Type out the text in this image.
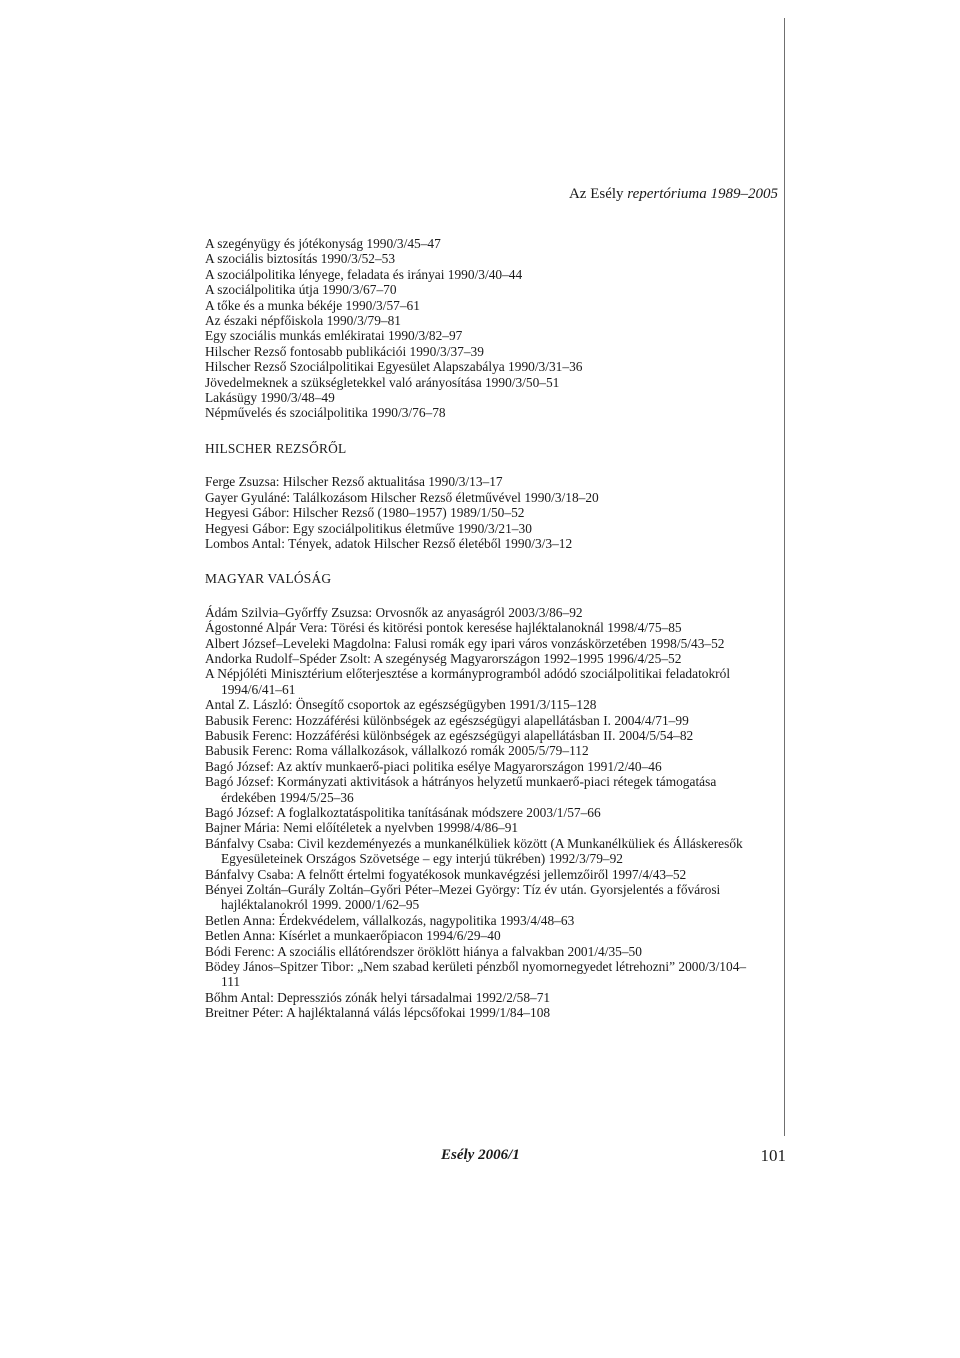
Az Esély repertóriuma 1989–2005

A szegényügy és jótékonyság 1990/3/45–47

A szociális biztosítás 1990/3/52–53

A szociálpolitika lényege, feladata és irányai 1990/3/40–44

A szociálpolitika útja 1990/3/67–70

A tőke és a munka békéje 1990/3/57–61

Az északi népfőiskola 1990/3/79–81

Egy szociális munkás emlékiratai 1990/3/82–97

Hilscher Rezső fontosabb publikációi 1990/3/37–39

Hilscher Rezső Szociálpolitikai Egyesület Alapszabálya 1990/3/31–36

Jövedelmeknek a szükségletekkel való arányosítása 1990/3/50–51

Lakásügy 1990/3/48–49

Népművelés és szociálpolitika 1990/3/76–78

HILSCHER REZSŐRŐL

Ferge Zsuzsa: Hilscher Rezső aktualitása 1990/3/13–17

Gayer Gyuláné: Találkozásom Hilscher Rezső életművével 1990/3/18–20

Hegyesi Gábor: Hilscher Rezső (1980–1957) 1989/1/50–52

Hegyesi Gábor: Egy szociálpolitikus életműve 1990/3/21–30

Lombos Antal: Tények, adatok Hilscher Rezső életéből 1990/3/3–12

MAGYAR VALÓSÁG

Ádám Szilvia–Győrffy Zsuzsa: Orvosnők az anyaságról 2003/3/86–92

Ágostonné Alpár Vera: Törési és kitörési pontok keresése hajléktalanoknál 1998/4/75–85

Albert József–Leveleki Magdolna: Falusi romák egy ipari város vonzáskörzetében 1998/5/43–52

Andorka Rudolf–Spéder Zsolt: A szegénység Magyarországon 1992–1995 1996/4/25–52

A Népjóléti Minisztérium előterjesztése a kormányprogramból adódó szociálpolitikai feladatokról 1994/6/41–61

Antal Z. László: Önsegítő csoportok az egészségügyben 1991/3/115–128

Babusik Ferenc: Hozzáférési különbségek az egészségügyi alapellátásban I. 2004/4/71–99

Babusik Ferenc: Hozzáférési különbségek az egészségügyi alapellátásban II. 2004/5/54–82

Babusik Ferenc: Roma vállalkozások, vállalkozó romák 2005/5/79–112

Bagó József: Az aktív munkaerő-piaci politika esélye Magyarországon 1991/2/40–46

Bagó József: Kormányzati aktivitások a hátrányos helyzetű munkaerő-piaci rétegek támogatása érdekében 1994/5/25–36

Bagó József: A foglalkoztatáspolitika tanításának módszere 2003/1/57–66

Bajner Mária: Nemi előítéletek a nyelvben 19998/4/86–91

Bánfalvy Csaba: Civil kezdeményezés a munkanélküliek között (A Munkanélküliek és Álláskeresők Egyesületeinek Országos Szövetsége – egy interjú tükrében) 1992/3/79–92

Bánfalvy Csaba: A felnőtt értelmi fogyatékosok munkavégzési jellemzőiről 1997/4/43–52

Bényei Zoltán–Gurály Zoltán–Győri Péter–Mezei György: Tíz év után. Gyorsjelentés a fővárosi hajléktalanokról 1999. 2000/1/62–95

Betlen Anna: Érdekvédelem, vállalkozás, nagypolitika 1993/4/48–63

Betlen Anna: Kísérlet a munkaerőpiacon 1994/6/29–40

Bódi Ferenc: A szociális ellátórendszer öröklött hiánya a falvakban 2001/4/35–50

Bödey János–Spitzer Tibor: „Nem szabad kerületi pénzből nyomornegyedet létrehozni” 2000/3/104–111

Bőhm Antal: Depressziós zónák helyi társadalmai 1992/2/58–71

Breitner Péter: A hajléktalanná válás lépcsőfokai 1999/1/84–108

Esély 2006/1	101
